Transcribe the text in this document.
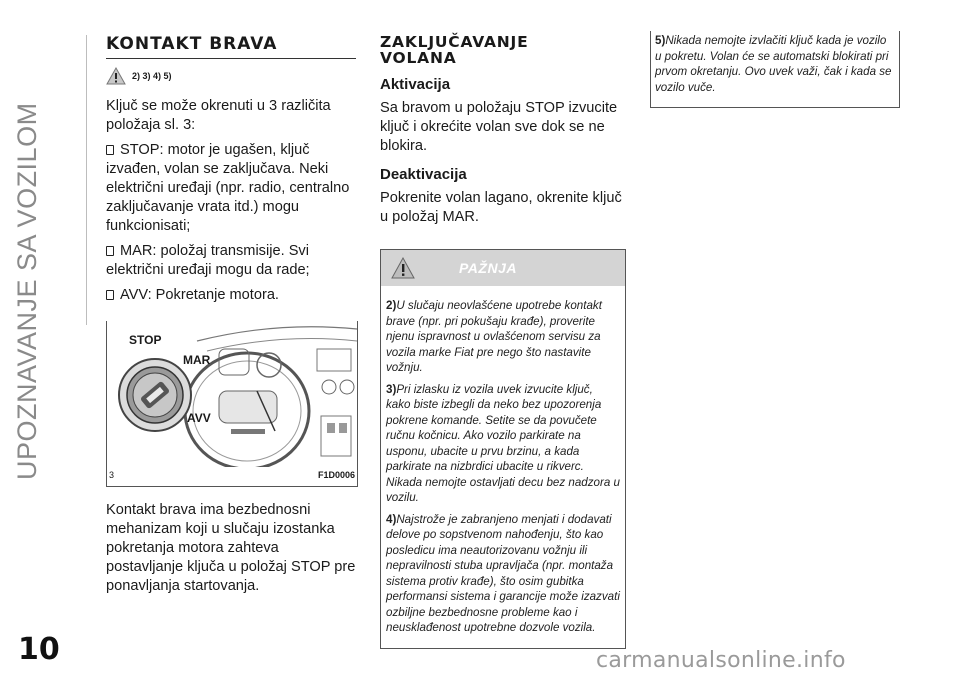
UPOZNAVANJE SA VOZILOM
KONTAKT BRAVA
2) 3) 4) 5)

Ključ se može okrenuti u 3 različita položaja sl. 3:

STOP: motor je ugašen, ključ izvađen, volan se zaključava. Neki električni uređaji (npr. radio, centralno zaključavanje vrata itd.) mogu funkcionisati;

MAR: položaj transmisije. Svi električni uređaji mogu da rade;

AVV: Pokretanje motora.

STOP
MAR
AVV
3	F1D0006

Kontakt brava ima bezbednosni mehanizam koji u slučaju izostanka pokretanja motora zahteva postavljanje ključa u položaj STOP pre ponavljanja startovanja.

ZAKLJUČAVANJE
VOLANA
Aktivacija

Sa bravom u položaju STOP izvucite ključ i okrećite volan sve dok se ne blokira.

Deaktivacija

Pokrenite volan lagano, okrenite ključ u položaj MAR.

PAŽNJA

2)U slučaju neovlašćene upotrebe kontakt brave (npr. pri pokušaju krađe), proverite njenu ispravnost u ovlašćenom servisu za vozila marke Fiat pre nego što nastavite vožnju.

3)Pri izlasku iz vozila uvek izvucite ključ, kako biste izbegli da neko bez upozorenja pokrene komande. Setite se da povučete ručnu kočnicu. Ako vozilo parkirate na usponu, ubacite u prvu brzinu, a kada parkirate na nizbrdici ubacite u rikverc. Nikada nemojte ostavljati decu bez nadzora u vozilu.

4)Najstrože je zabranjeno menjati i dodavati delove po sopstvenom nahođenju, što kao posledicu ima neautorizovanu vožnju ili nepravilnosti stuba upravljača (npr. montaža sistema protiv krađe), što osim gubitka performansi sistema i garancije može izazvati ozbiljne bezbednosne probleme kao i neusklađenost upotrebne dozvole vozila.

5)Nikada nemojte izvlačiti ključ kada je vozilo u pokretu. Volan će se automatski blokirati pri prvom okretanju. Ovo uvek važi, čak i kada se vozilo vuče.

10	carmanualsonline.info
